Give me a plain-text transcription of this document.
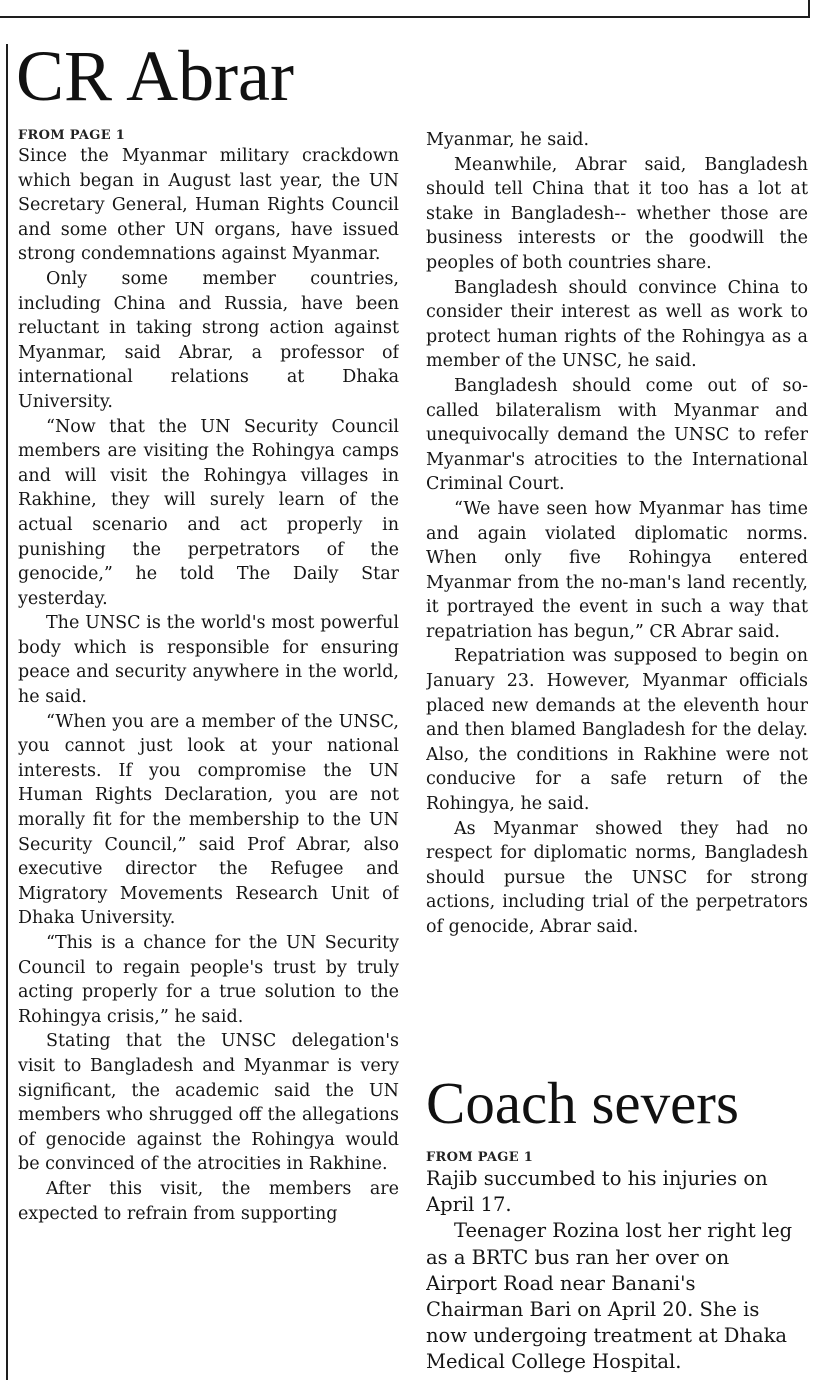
CR Abrar
FROM PAGE 1

Since the Myanmar military crackdown which began in August last year, the UN Secretary General, Human Rights Council and some other UN organs, have issued strong condemnations against Myanmar.

Only some member countries, including China and Russia, have been reluctant in taking strong action against Myanmar, said Abrar, a professor of international relations at Dhaka University.

“Now that the UN Security Council members are visiting the Rohingya camps and will visit the Rohingya villages in Rakhine, they will surely learn of the actual scenario and act properly in punishing the perpetrators of the genocide,” he told The Daily Star yesterday.

The UNSC is the world's most powerful body which is responsible for ensuring peace and security anywhere in the world, he said.

“When you are a member of the UNSC, you cannot just look at your national interests. If you compromise the UN Human Rights Declaration, you are not morally fit for the membership to the UN Security Council,” said Prof Abrar, also executive director the Refugee and Migratory Movements Research Unit of Dhaka University.

“This is a chance for the UN Security Council to regain people's trust by truly acting properly for a true solution to the Rohingya crisis,” he said.

Stating that the UNSC delegation's visit to Bangladesh and Myanmar is very significant, the academic said the UN members who shrugged off the allegations of genocide against the Rohingya would be convinced of the atrocities in Rakhine.

After this visit, the members are expected to refrain from supporting

Myanmar, he said.

Meanwhile, Abrar said, Bangladesh should tell China that it too has a lot at stake in Bangladesh-- whether those are business interests or the goodwill the peoples of both countries share.

Bangladesh should convince China to consider their interest as well as work to protect human rights of the Rohingya as a member of the UNSC, he said.

Bangladesh should come out of so-called bilateralism with Myanmar and unequivocally demand the UNSC to refer Myanmar's atrocities to the International Criminal Court.

“We have seen how Myanmar has time and again violated diplomatic norms. When only five Rohingya entered Myanmar from the no-man's land recently, it portrayed the event in such a way that repatriation has begun,” CR Abrar said.

Repatriation was supposed to begin on January 23. However, Myanmar officials placed new demands at the eleventh hour and then blamed Bangladesh for the delay. Also, the conditions in Rakhine were not conducive for a safe return of the Rohingya, he said.

As Myanmar showed they had no respect for diplomatic norms, Bangladesh should pursue the UNSC for strong actions, including trial of the perpetrators of genocide, Abrar said.

Coach severs
FROM PAGE 1

Rajib succumbed to his injuries on April 17.

Teenager Rozina lost her right leg as a BRTC bus ran her over on Airport Road near Banani's Chairman Bari on April 20. She is now undergoing treatment at Dhaka Medical College Hospital.
